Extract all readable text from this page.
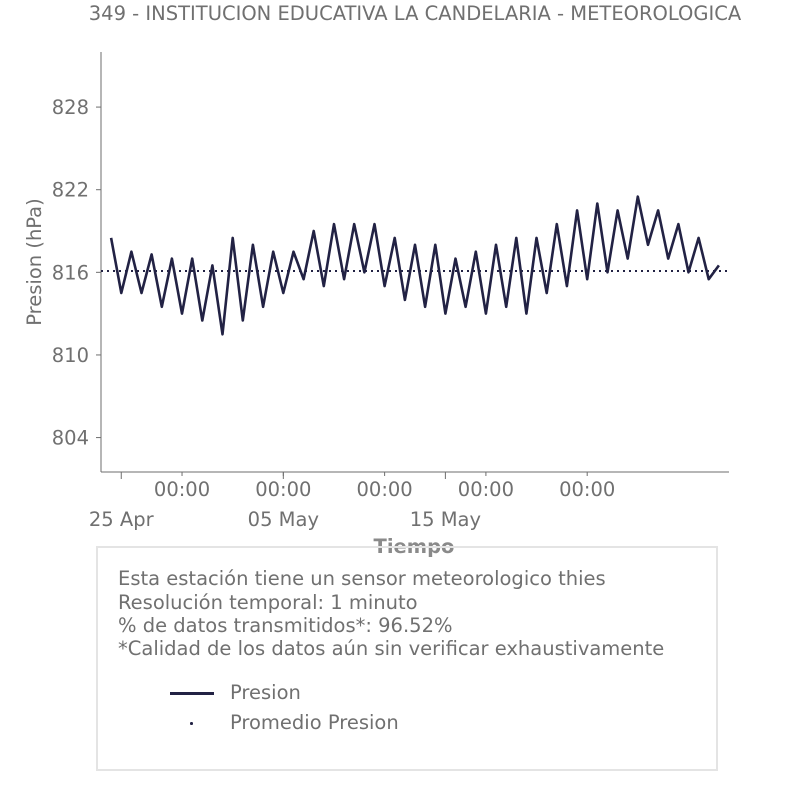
349 - INSTITUCION EDUCATIVA LA CANDELARIA - METEOROLOGICA
804
810
816
822
828
00:00 00:00 00:00 00:00 00:00
25 Apr	05 May	15 May
Presion (hPa)
Tiempo
Esta estación tiene un sensor meteorologico thies
Resolución temporal: 1 minuto
% de datos transmitidos*: 96.52%
*Calidad de los datos aún sin verificar exhaustivamente
Presion
Promedio Presion
